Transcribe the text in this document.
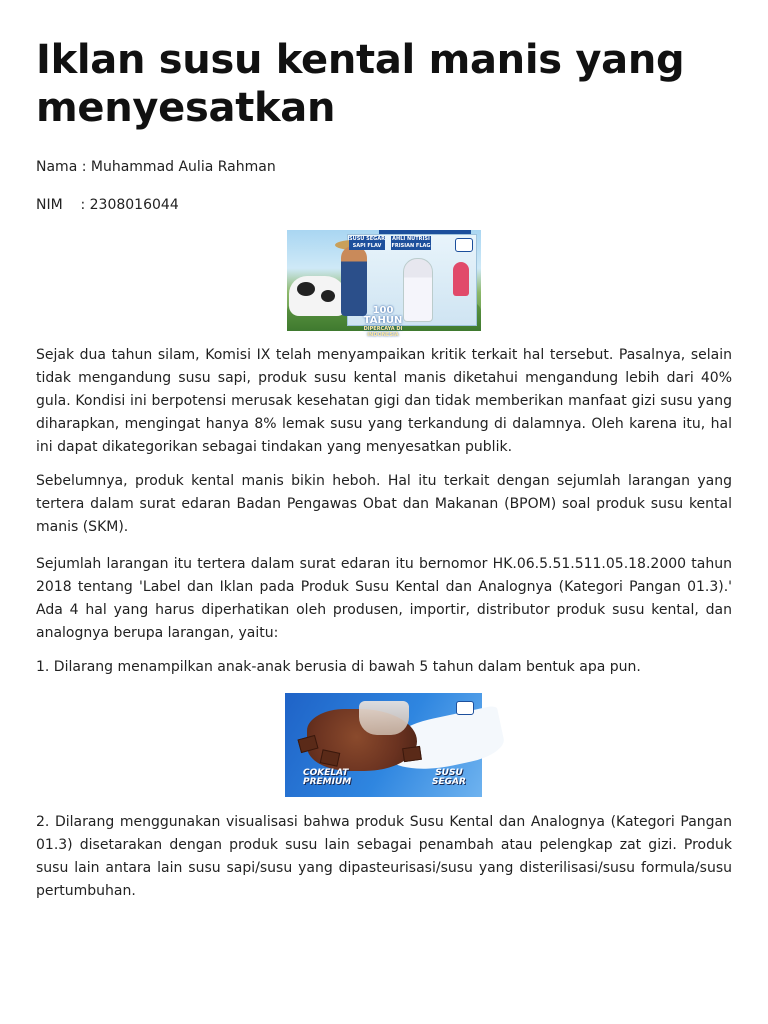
Iklan susu kental manis yang menyesatkan
Nama : Muhammad Aulia Rahman
NIM    : 2308016044
SUSU SEGAR SAPI FLAV
AHLI NUTRISI FRISIAN FLAG
100 TAHUN
DIPERCAYA DI INDONESIA

Sejak dua tahun silam, Komisi IX telah menyampaikan kritik terkait hal tersebut. Pasalnya, selain tidak mengandung susu sapi, produk susu kental manis diketahui mengandung lebih dari 40% gula. Kondisi ini berpotensi merusak kesehatan gigi dan tidak memberikan manfaat gizi susu yang diharapkan, mengingat hanya 8% lemak susu yang terkandung di dalamnya. Oleh karena itu, hal ini dapat dikategorikan sebagai tindakan yang menyesatkan publik.

Sebelumnya, produk kental manis bikin heboh. Hal itu terkait dengan sejumlah larangan yang tertera dalam surat edaran Badan Pengawas Obat dan Makanan (BPOM) soal produk susu kental manis (SKM).

Sejumlah larangan itu tertera dalam surat edaran itu bernomor HK.06.5.51.511.05.18.2000 tahun 2018 tentang 'Label dan Iklan pada Produk Susu Kental dan Analognya (Kategori Pangan 01.3).' Ada 4 hal yang harus diperhatikan oleh produsen, importir, distributor produk susu kental, dan analognya berupa larangan, yaitu:

1. Dilarang menampilkan anak-anak berusia di bawah 5 tahun dalam bentuk apa pun.

COKELAT PREMIUM
SUSU SEGAR

2. Dilarang menggunakan visualisasi bahwa produk Susu Kental dan Analognya (Kategori Pangan 01.3) disetarakan dengan produk susu lain sebagai penambah atau pelengkap zat gizi. Produk susu lain antara lain susu sapi/susu yang dipasteurisasi/susu yang disterilisasi/susu formula/susu pertumbuhan.
